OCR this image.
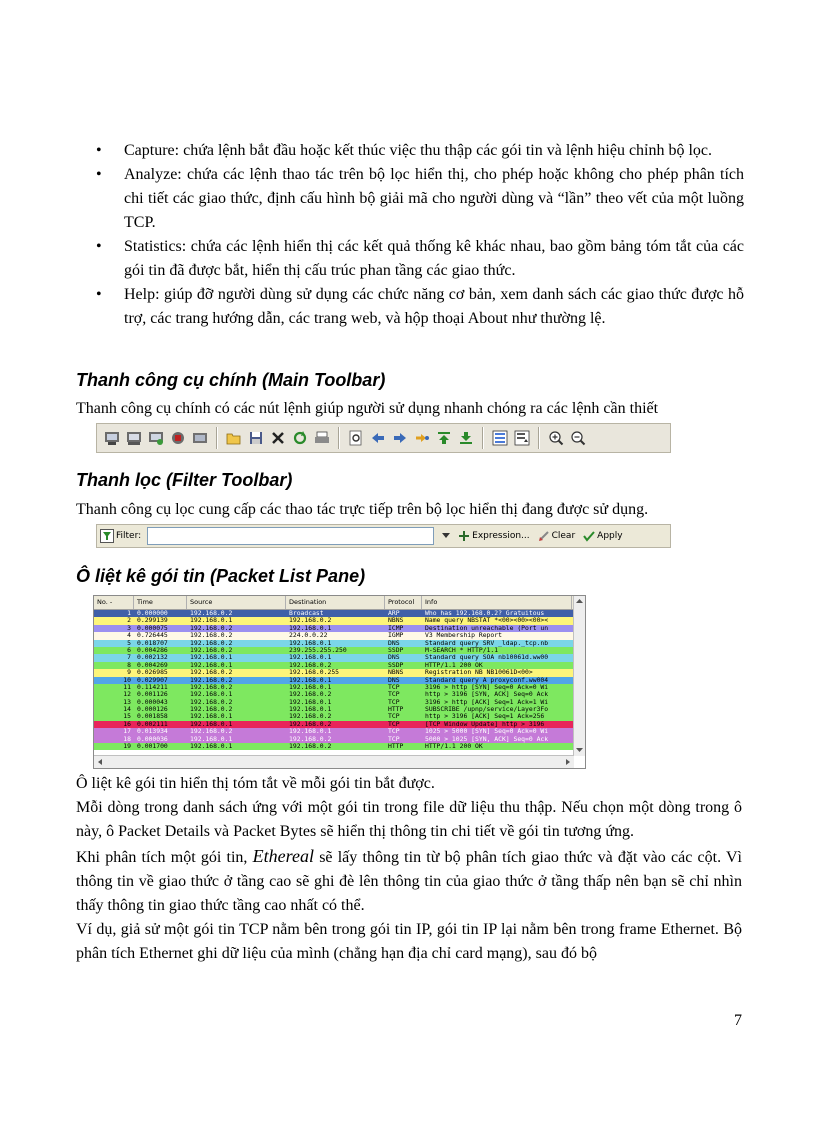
• Capture: chứa lệnh bắt đầu hoặc kết thúc việc thu thập các gói tin và lệnh hiệu chỉnh bộ lọc.
• Analyze: chứa các lệnh thao tác trên bộ lọc hiển thị, cho phép hoặc không cho phép phân tích chi tiết các giao thức, định cấu hình bộ giải mã cho người dùng và “lần” theo vết của một luồng TCP.
• Statistics: chứa các lệnh hiển thị các kết quả thống kê khác nhau, bao gồm bảng tóm tắt của các gói tin đã được bắt, hiển thị cấu trúc phan tầng các giao thức.
• Help: giúp đỡ người dùng sử dụng các chức năng cơ bản, xem danh sách các giao thức được hỗ trợ, các trang hướng dẫn, các trang web, và hộp thoại About như thường lệ.
Thanh công cụ chính (Main Toolbar)

Thanh công cụ chính có các nút lệnh giúp người sử dụng nhanh chóng ra các lệnh cần thiết

Thanh lọc (Filter Toolbar)

Thanh công cụ lọc cung cấp các thao tác trực tiếp trên bộ lọc hiển thị đang được sử dụng.

Filter:	Expression... Clear Apply
Ô liệt kê gói tin (Packet List Pane)
No. -	Time	Source	Destination	Protocol	Info
1 0.000000	192.168.0.2	Broadcast	ARP	Who has 192.168.0.2? Gratuitous
2 0.299139	192.168.0.1	192.168.0.2	NBNS	Name query NBSTAT *<00><00><00><
3 0.000075	192.168.0.2	192.168.0.1	ICMP	Destination unreachable (Port un
4 0.726445	192.168.0.2	224.0.0.22	IGMP	V3 Membership Report
5 0.018707	192.168.0.2	192.168.0.1	DNS	Standard query SRV _ldap._tcp.nb
6 0.004286	192.168.0.2	239.255.255.250	SSDP	M-SEARCH * HTTP/1.1
7 0.002132	192.168.0.1	192.168.0.1	DNS	Standard query SOA nb10061d.ww00
8 0.004269	192.168.0.1	192.168.0.2	SSDP	HTTP/1.1 200 OK
9 0.026985	192.168.0.2	192.168.0.255	NBNS	Registration NB NB10061D<00>
10 0.029907	192.168.0.2	192.168.0.1	DNS	Standard query A proxyconf.ww004
11 0.114211	192.168.0.2	192.168.0.1	TCP	3196 > http [SYN] Seq=0 Ack=0 Wi
12 0.001126	192.168.0.1	192.168.0.2	TCP	http > 3196 [SYN, ACK] Seq=0 Ack
13 0.000043	192.168.0.2	192.168.0.1	TCP	3196 > http [ACK] Seq=1 Ack=1 Wi
14 0.000126	192.168.0.2	192.168.0.1	HTTP	SUBSCRIBE /upnp/service/Layer3Fo
15 0.001858	192.168.0.1	192.168.0.2	TCP	http > 3196 [ACK] Seq=1 Ack=256
16 0.002111	192.168.0.1	192.168.0.2	TCP	[TCP Window Update] http > 3196
17 0.013934	192.168.0.2	192.168.0.1	TCP	1025 > 5000 [SYN] Seq=0 Ack=0 Wi
18 0.000036	192.168.0.1	192.168.0.2	TCP	5000 > 1025 [SYN, ACK] Seq=0 Ack
19 0.001700	192.168.0.1	192.168.0.2	HTTP	HTTP/1.1 200 OK

Ô liệt kê gói tin hiển thị tóm tắt về mỗi gói tin bắt được.

Mỗi dòng trong danh sách ứng với một gói tin trong file dữ liệu thu thập. Nếu chọn một dòng trong ô này, ô Packet Details và Packet Bytes sẽ hiển thị thông tin chi tiết về gói tin tương ứng.

Khi phân tích một gói tin, Ethereal sẽ lấy thông tin từ bộ phân tích giao thức và đặt vào các cột. Vì thông tin về giao thức ở tầng cao sẽ ghi đè lên thông tin của giao thức ở tầng thấp nên bạn sẽ chỉ nhìn thấy thông tin giao thức tầng cao nhất có thể.

Ví dụ, giả sử một gói tin TCP nằm bên trong gói tin IP, gói tin IP lại nằm bên trong frame Ethernet. Bộ phân tích Ethernet ghi dữ liệu của mình (chẳng hạn địa chỉ card mạng), sau đó bộ

7
